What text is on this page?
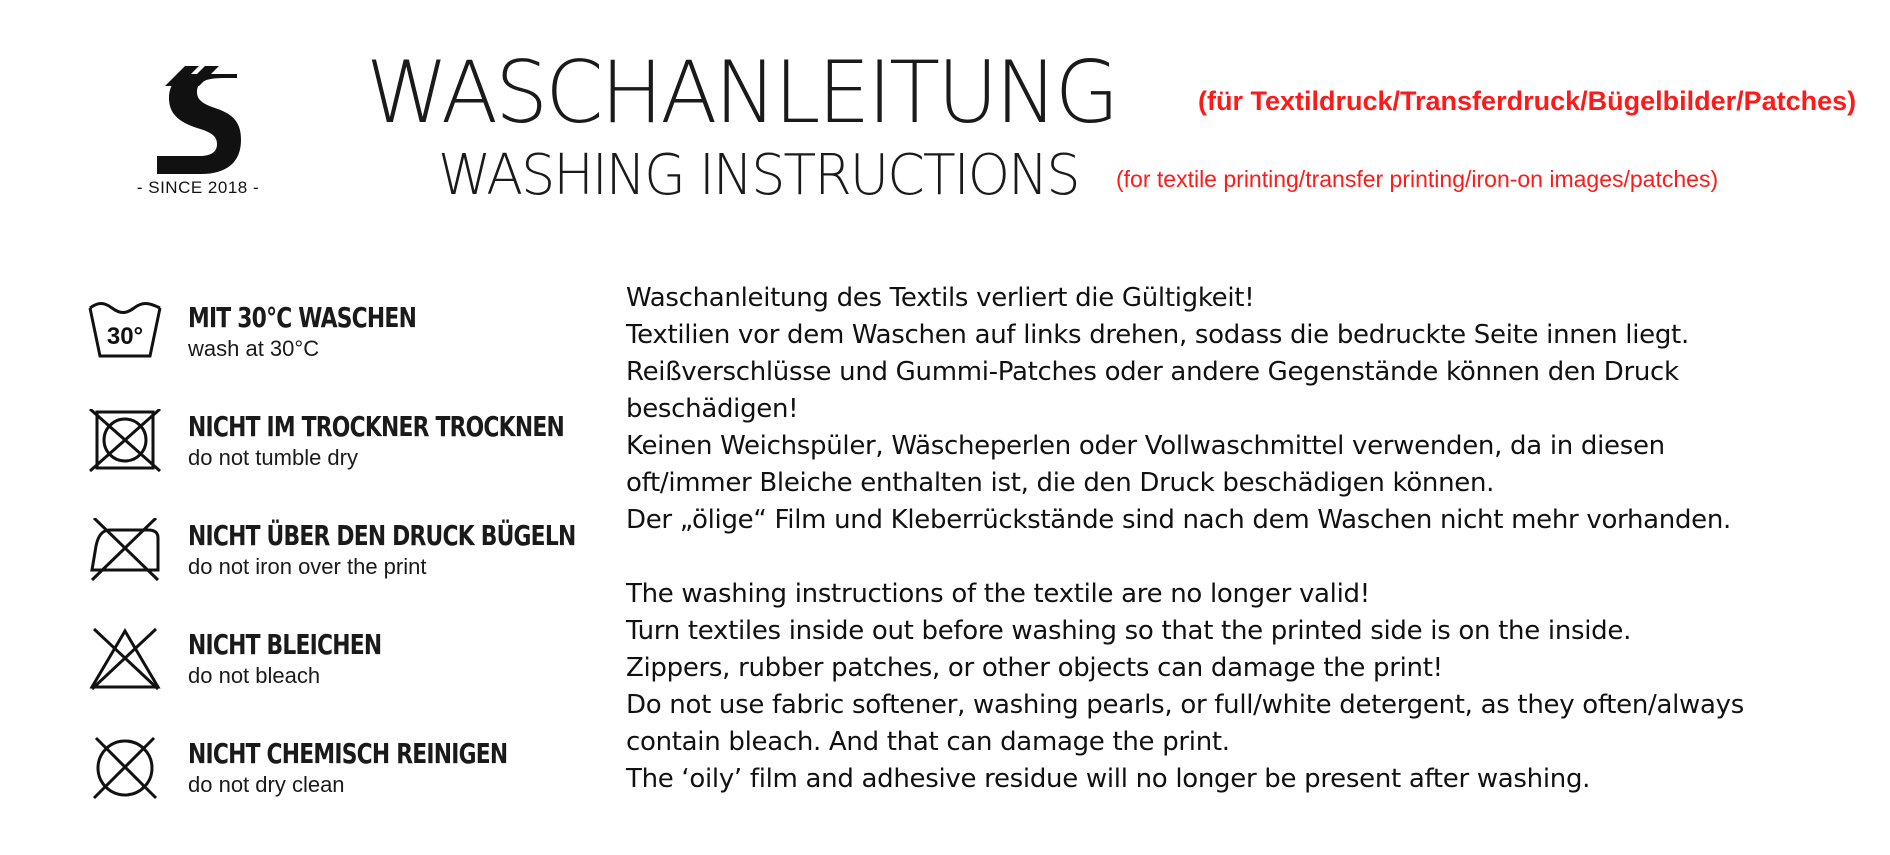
- SINCE 2018 -
WASCHANLEITUNG	(für Textildruck/Transferdruck/Bügelbilder/Patches)
WASHING INSTRUCTIONS (for textile printing/transfer printing/iron-on images/patches)
30°
MIT 30°C WASCHEN
wash at 30°C
NICHT IM TROCKNER TROCKNEN
do not tumble dry
NICHT ÜBER DEN DRUCK BÜGELN
do not iron over the print
NICHT BLEICHEN
do not bleach
NICHT CHEMISCH REINIGEN
do not dry clean
Waschanleitung des Textils verliert die Gültigkeit!
Textilien vor dem Waschen auf links drehen, sodass die bedruckte Seite innen liegt.
Reißverschlüsse und Gummi-Patches oder andere Gegenstände können den Druck
beschädigen!
Keinen Weichspüler, Wäscheperlen oder Vollwaschmittel verwenden, da in diesen
oft/immer Bleiche enthalten ist, die den Druck beschädigen können.
Der „ölige“ Film und Kleberrückstände sind nach dem Waschen nicht mehr vorhanden.
The washing instructions of the textile are no longer valid!
Turn textiles inside out before washing so that the printed side is on the inside.
Zippers, rubber patches, or other objects can damage the print!
Do not use fabric softener, washing pearls, or full/white detergent, as they often/always
contain bleach. And that can damage the print.
The ‘oily’ film and adhesive residue will no longer be present after washing.
